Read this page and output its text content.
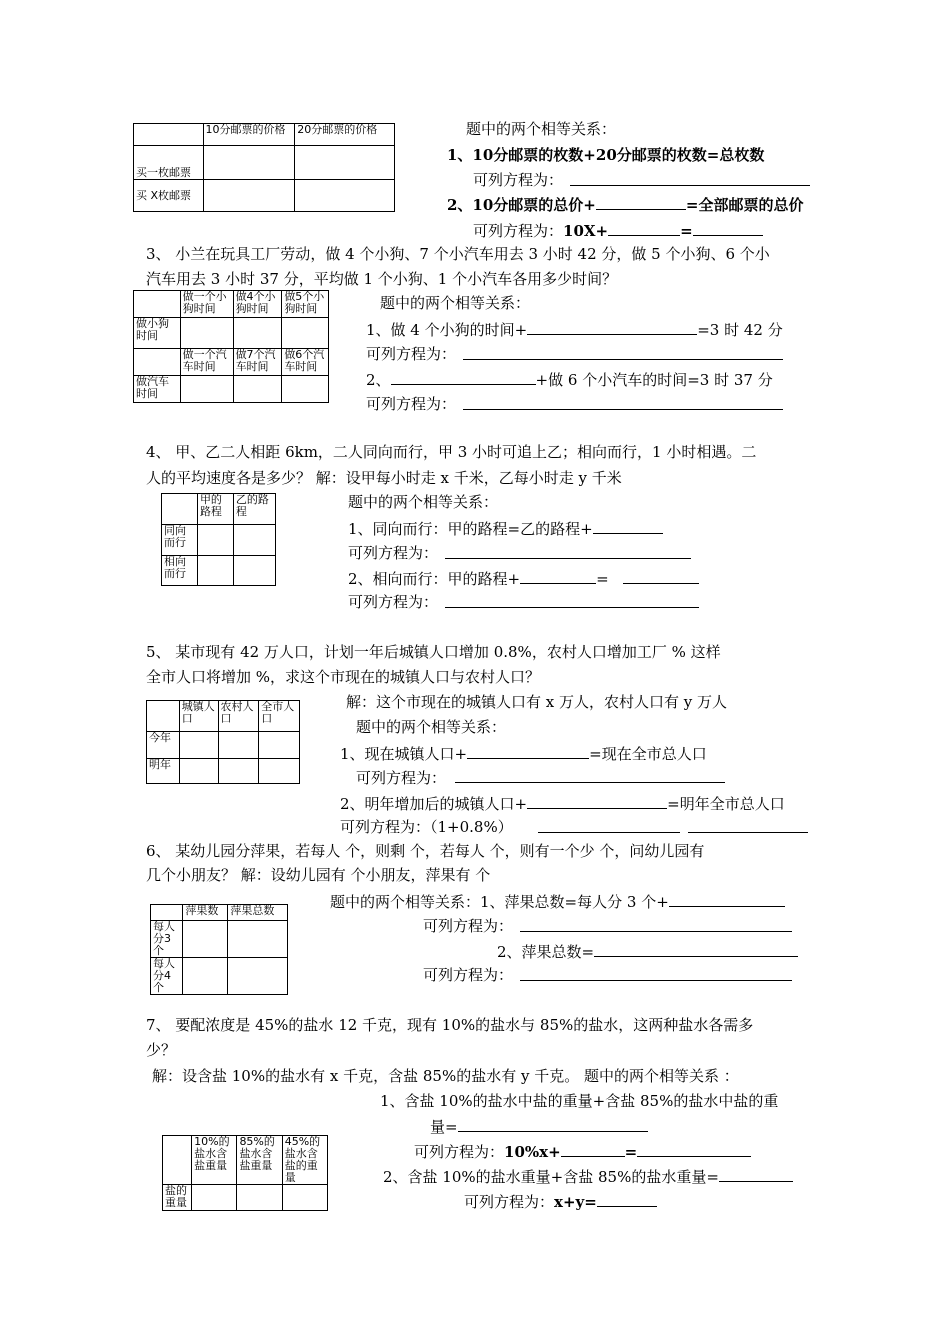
	10分邮票的价格	20分邮票的价格
买一枚邮票		
买 X枚邮票		
题中的两个相等关系：
1、10分邮票的枚数+20分邮票的枚数=总枚数
可列方程为：
2、10分邮票的总价+	=全部邮票的总价
可列方程为：10X+	=
3、 小兰在玩具工厂劳动，做 4 个小狗、7 个小汽车用去 3 小时 42 分，做 5 个小狗、6 个小
汽车用去 3 小时 37 分，平均做 1 个小狗、1 个小汽车各用多少时间？
	做一个小狗时间	做4个小狗时间	做5个小狗时间
做小狗时间			
	做一个汽车时间	做7个汽车时间	做6个汽车时间
做汽车时间			
题中的两个相等关系：
1、做 4 个小狗的时间+	=3 时 42 分
可列方程为：
2、	+做 6 个小汽车的时间=3 时 37 分
可列方程为：
4、 甲、乙二人相距 6km，二人同向而行，甲 3 小时可追上乙；相向而行，1 小时相遇。二
人的平均速度各是多少？ 解：设甲每小时走 x 千米，乙每小时走 y 千米
	甲的路程	乙的路程
同向而行		
相向而行		
题中的两个相等关系：
1、同向而行：甲的路程=乙的路程+
可列方程为：
2、相向而行：甲的路程+	=
可列方程为：
5、 某市现有 42 万人口，计划一年后城镇人口增加 0.8%，农村人口增加工厂 % 这样
全市人口将增加 %，求这个市现在的城镇人口与农村人口？
	城镇人口	农村人口	全市人口
今年			
明年			
解：这个市现在的城镇人口有 x 万人，农村人口有 y 万人
题中的两个相等关系：
1、现在城镇人口+	=现在全市总人口
可列方程为：
2、明年增加后的城镇人口+	=明年全市总人口
可列方程为：（1+0.8%）
6、 某幼儿园分萍果，若每人 个，则剩 个，若每人 个，则有一个少 个，问幼儿园有
几个小朋友？ 解：设幼儿园有 个小朋友，萍果有 个
	萍果数	萍果总数
每人分3个		
每人分4个		
题中的两个相等关系：1、萍果总数=每人分 3 个+
可列方程为：
2、萍果总数=
可列方程为：
7、 要配浓度是 45%的盐水 12 千克，现有 10%的盐水与 85%的盐水，这两种盐水各需多
少？
解：设含盐 10%的盐水有 x 千克，含盐 85%的盐水有 y 千克。 题中的两个相等关系 ：
1、含盐 10%的盐水中盐的重量+含盐 85%的盐水中盐的重
量=
	10%的盐水含盐重量	85%的盐水含盐重量	45%的盐水含盐的重量
盐的重量			
可列方程为：10%x+	=
2、含盐 10%的盐水重量+含盐 85%的盐水重量=
可列方程为：x+y=
